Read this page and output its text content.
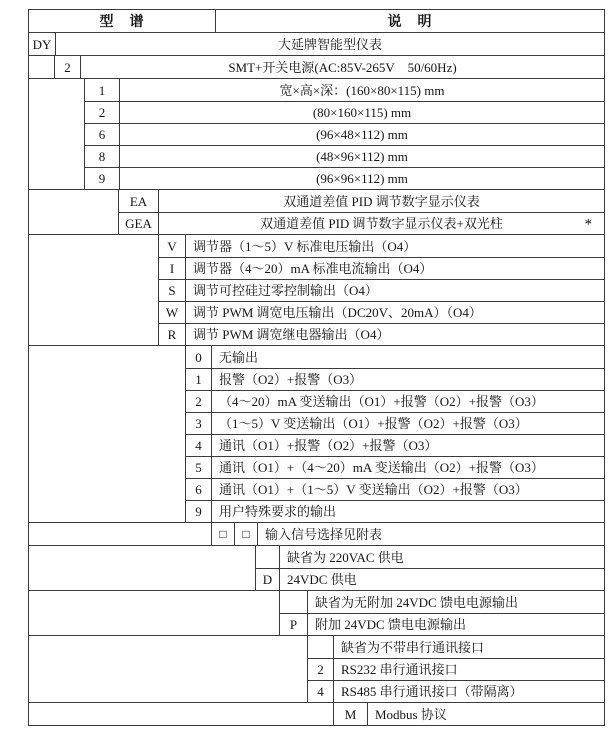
型　谱	说　明
DY	大延牌智能型仪表
2	SMT+开关电源(AC:85V-265V　50/60Hz)
1	宽×高×深：(160×80×115) mm
2	(80×160×115) mm
6	(96×48×112) mm
8	(48×96×112) mm
9	(96×96×112) mm
EA	双通道差值 PID 调节数字显示仪表
GEA	双通道差值 PID 调节数字显示仪表+双光柱	*
V	调节器（1～5）V 标准电压输出（O4）
I	调节器（4～20）mA 标准电流输出（O4）
S	调节可控硅过零控制输出（O4）
W	调节 PWM 调宽电压输出（DC20V、20mA）（O4）
R	调节 PWM 调宽继电器输出（O4）
0	无输出
1	报警（O2）+报警（O3）
2	（4～20）mA 变送输出（O1）+报警（O2）+报警（O3）
3	（1～5）V 变送输出（O1）+报警（O2）+报警（O3）
4	通讯（O1）+报警（O2）+报警（O3）
5	通讯（O1）+（4～20）mA 变送输出（O2）+报警（O3）
6	通讯（O1）+（1～5）V 变送输出（O2）+报警（O3）
9	用户特殊要求的输出
□ □	输入信号选择见附表
缺省为 220VAC 供电
D	24VDC 供电
缺省为无附加 24VDC 馈电电源输出
P	附加 24VDC 馈电电源输出
缺省为不带串行通讯接口
2	RS232 串行通讯接口
4	RS485 串行通讯接口（带隔离）
M	Modbus 协议
